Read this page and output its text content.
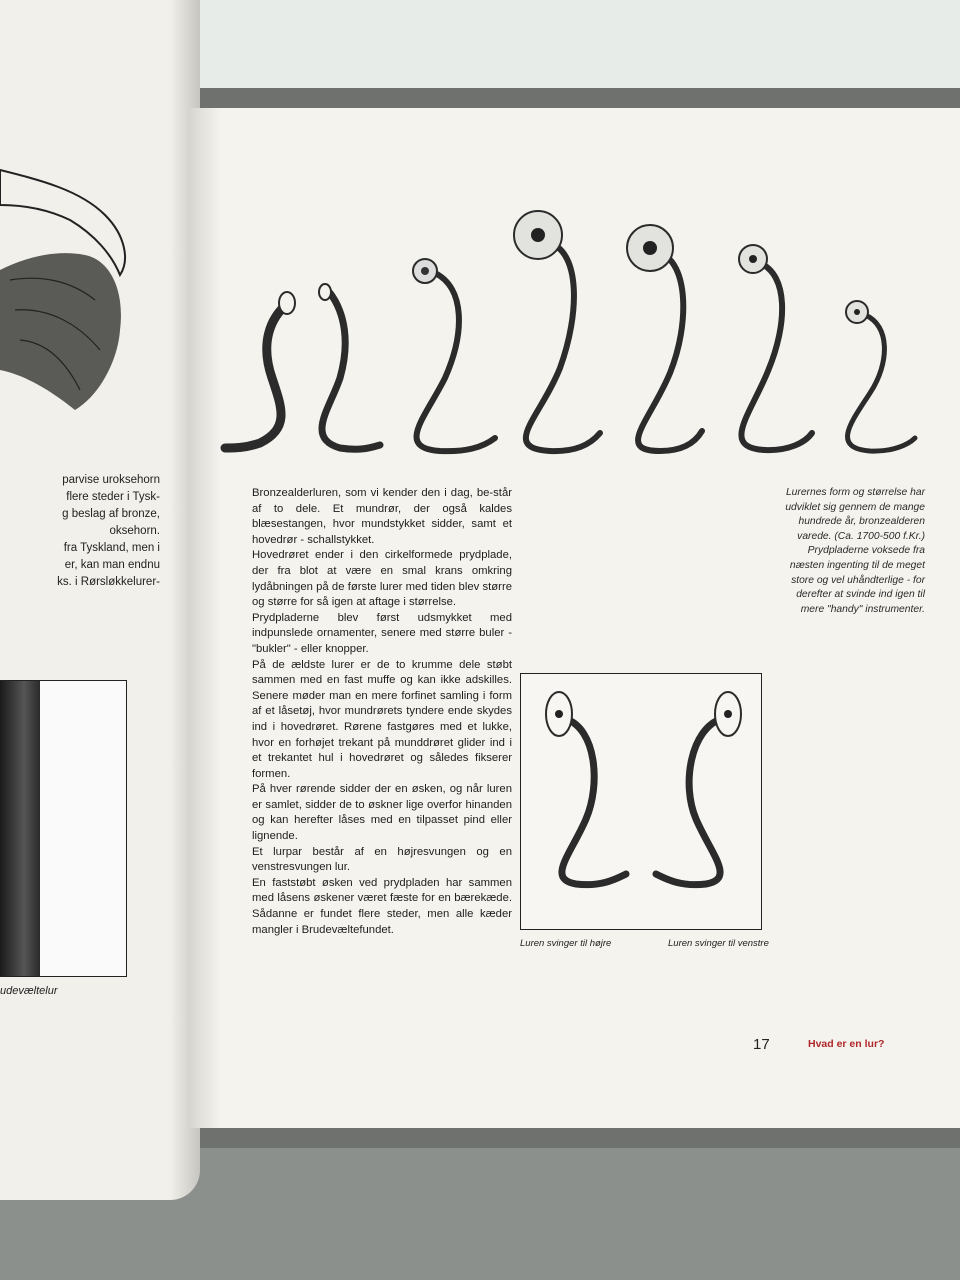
parvise uroksehorn
flere steder i Tysk-
g beslag af bronze,
oksehorn.
fra Tyskland, men i
er, kan man endnu
ks. i Rørsløkkelurer-
udevæltelur

Bronzealderluren, som vi kender den i dag, be-står af to dele. Et mundrør, der også kaldes blæsestangen, hvor mundstykket sidder, samt et hovedrør - schallstykket.

Hovedrøret ender i den cirkelformede prydplade, der fra blot at være en smal krans omkring lydåbningen på de første lurer med tiden blev større og større for så igen at aftage i størrelse.

Prydpladerne blev først udsmykket med indpunslede ornamenter, senere med større buler - "bukler" - eller knopper.

På de ældste lurer er de to krumme dele støbt sammen med en fast muffe og kan ikke adskilles. Senere møder man en mere forfinet samling i form af et låsetøj, hvor mundrørets tyndere ende skydes ind i hovedrøret. Rørene fastgøres med et lukke, hvor en forhøjet trekant på munddrøret glider ind i et trekantet hul i hovedrøret og således fikserer formen.

På hver rørende sidder der en øsken, og når luren er samlet, sidder de to øskner lige overfor hinanden og kan herefter låses med en tilpasset pind eller lignende.

Et lurpar består af en højresvungen og en venstresvungen lur.

En faststøbt øsken ved prydpladen har sammen med låsens øskener været fæste for en bærekæde. Sådanne er fundet flere steder, men alle kæder mangler i Brudevæltefundet.

Lurernes form og størrelse har udviklet sig gennem de mange hundrede år, bronzealderen varede. (Ca. 1700-500 f.Kr.) Prydpladerne voksede fra næsten ingenting til de meget store og vel uhåndterlige - for derefter at svinde ind igen til mere "handy" instrumenter.
Luren svinger til højre	Luren svinger til venstre
17	Hvad er en lur?
